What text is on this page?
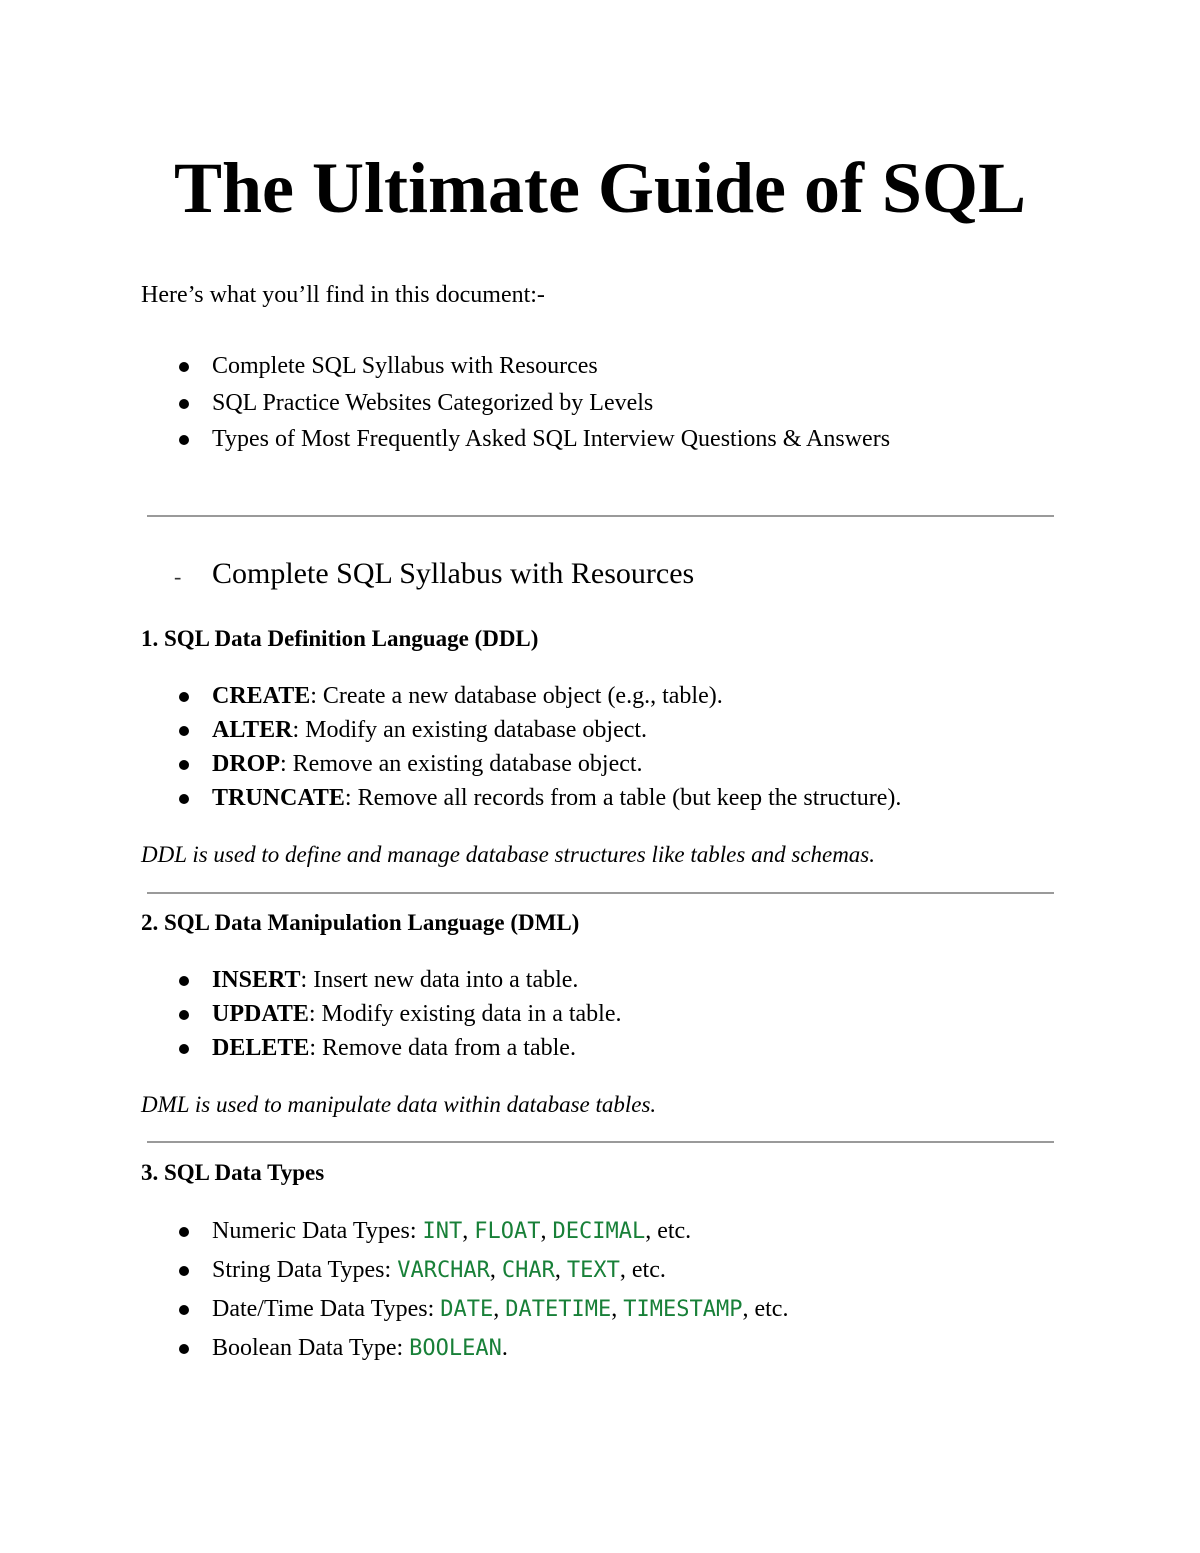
The Ultimate Guide of SQL
Here’s what you’ll find in this document:-
Complete SQL Syllabus with Resources
SQL Practice Websites Categorized by Levels
Types of Most Frequently Asked SQL Interview Questions & Answers
- Complete SQL Syllabus with Resources
1. SQL Data Definition Language (DDL)
CREATE: Create a new database object (e.g., table).
ALTER: Modify an existing database object.
DROP: Remove an existing database object.
TRUNCATE: Remove all records from a table (but keep the structure).
DDL is used to define and manage database structures like tables and schemas.
2. SQL Data Manipulation Language (DML)
INSERT: Insert new data into a table.
UPDATE: Modify existing data in a table.
DELETE: Remove data from a table.
DML is used to manipulate data within database tables.
3. SQL Data Types
Numeric Data Types: INT, FLOAT, DECIMAL, etc.
String Data Types: VARCHAR, CHAR, TEXT, etc.
Date/Time Data Types: DATE, DATETIME, TIMESTAMP, etc.
Boolean Data Type: BOOLEAN.
